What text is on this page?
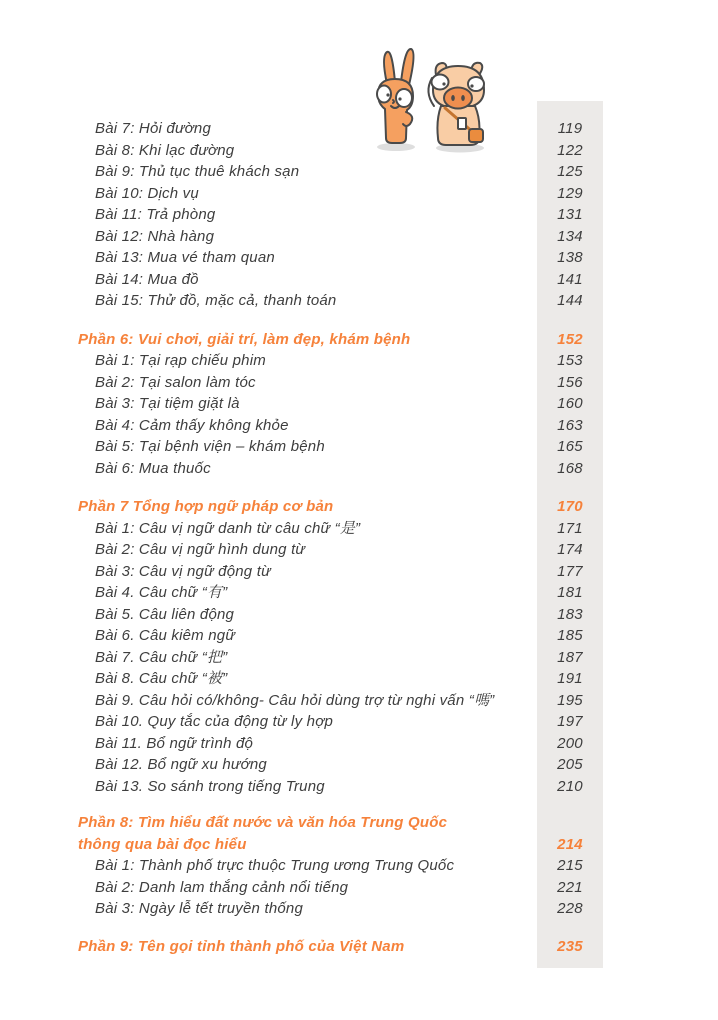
Bài 7: Hỏi đường	119
Bài 8: Khi lạc đường	122
Bài 9: Thủ tục thuê khách sạn	125
Bài 10: Dịch vụ	129
Bài 11: Trả phòng	131
Bài 12: Nhà hàng	134
Bài 13: Mua vé tham quan	138
Bài 14: Mua đồ	141
Bài 15: Thử đồ, mặc cả, thanh toán	144
Phần 6: Vui chơi, giải trí, làm đẹp, khám bệnh	152
Bài 1: Tại rạp chiếu phim	153
Bài 2: Tại salon làm tóc	156
Bài 3: Tại tiệm giặt là	160
Bài 4: Cảm thấy không khỏe	163
Bài 5: Tại bệnh viện – khám bệnh	165
Bài 6: Mua thuốc	168
Phần 7 Tổng hợp ngữ pháp cơ bản	170
Bài 1: Câu vị ngữ danh từ câu chữ “是”	171
Bài 2: Câu vị ngữ hình dung từ	174
Bài 3: Câu vị ngữ động từ	177
Bài 4. Câu chữ “有”	181
Bài 5. Câu liên động	183
Bài 6. Câu kiêm ngữ	185
Bài 7. Câu chữ “把”	187
Bài 8. Câu chữ “被”	191
Bài 9. Câu hỏi có/không- Câu hỏi dùng trợ từ nghi vấn “嗎”	195
Bài 10. Quy tắc của động từ ly hợp	197
Bài 11. Bổ ngữ trình độ	200
Bài 12. Bổ ngữ xu hướng	205
Bài 13. So sánh trong tiếng Trung	210
Phần 8: Tìm hiểu đất nước và văn hóa Trung Quốc
thông qua bài đọc hiểu	214
Bài 1: Thành phố trực thuộc Trung ương Trung Quốc	215
Bài 2: Danh lam thắng cảnh nổi tiếng	221
Bài 3: Ngày lễ tết truyền thống	228
Phần 9: Tên gọi tỉnh thành phố của Việt Nam	235
